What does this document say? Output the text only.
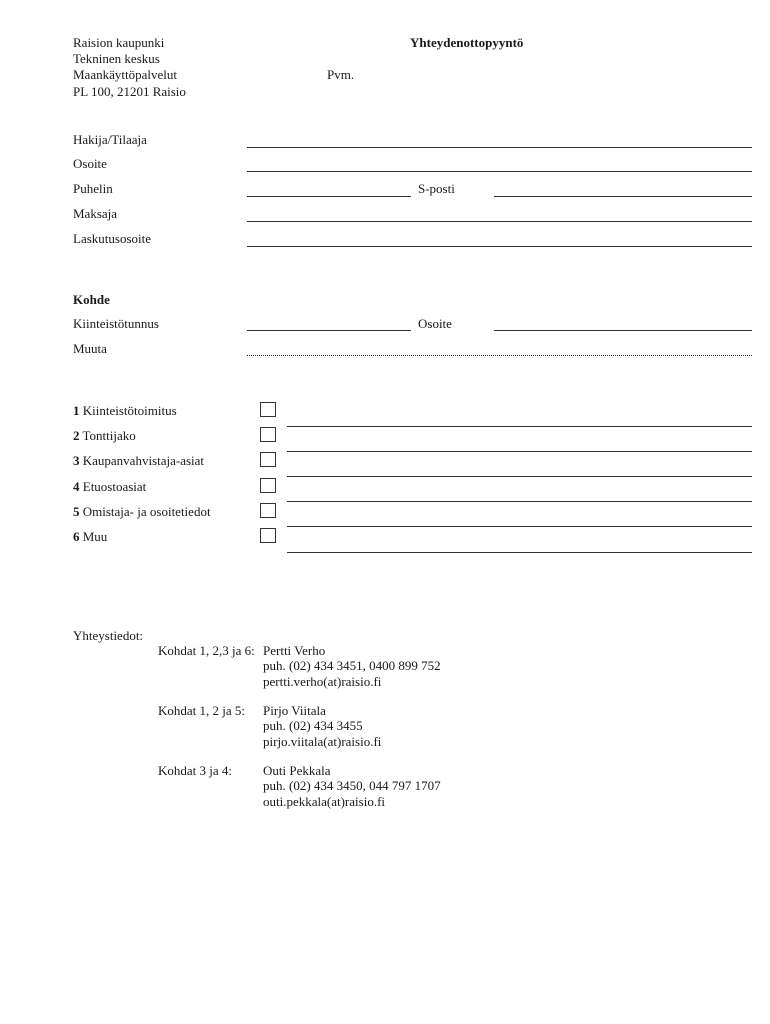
Raision kaupunki
Tekninen keskus
Maankäyttöpalvelut
PL 100, 21201 Raisio
Yhteydenottopyyntö
Pvm.
Hakija/Tilaaja
Osoite
Puhelin	S-posti
Maksaja
Laskutusosoite
Kohde
Kiinteistötunnus	Osoite
Muuta
1 Kiinteistötoimitus
2 Tonttijako
3 Kaupanvahvistaja-asiat
4 Etuostoasiat
5 Omistaja- ja osoitetiedot
6 Muu
Yhteystiedot:
Kohdat 1, 2,3 ja 6: Pertti Verho
puh. (02) 434 3451, 0400 899 752
pertti.verho(at)raisio.fi
Kohdat 1, 2 ja 5: Pirjo Viitala
puh. (02) 434 3455
pirjo.viitala(at)raisio.fi
Kohdat 3 ja 4: Outi Pekkala
puh. (02) 434 3450, 044 797 1707
outi.pekkala(at)raisio.fi
